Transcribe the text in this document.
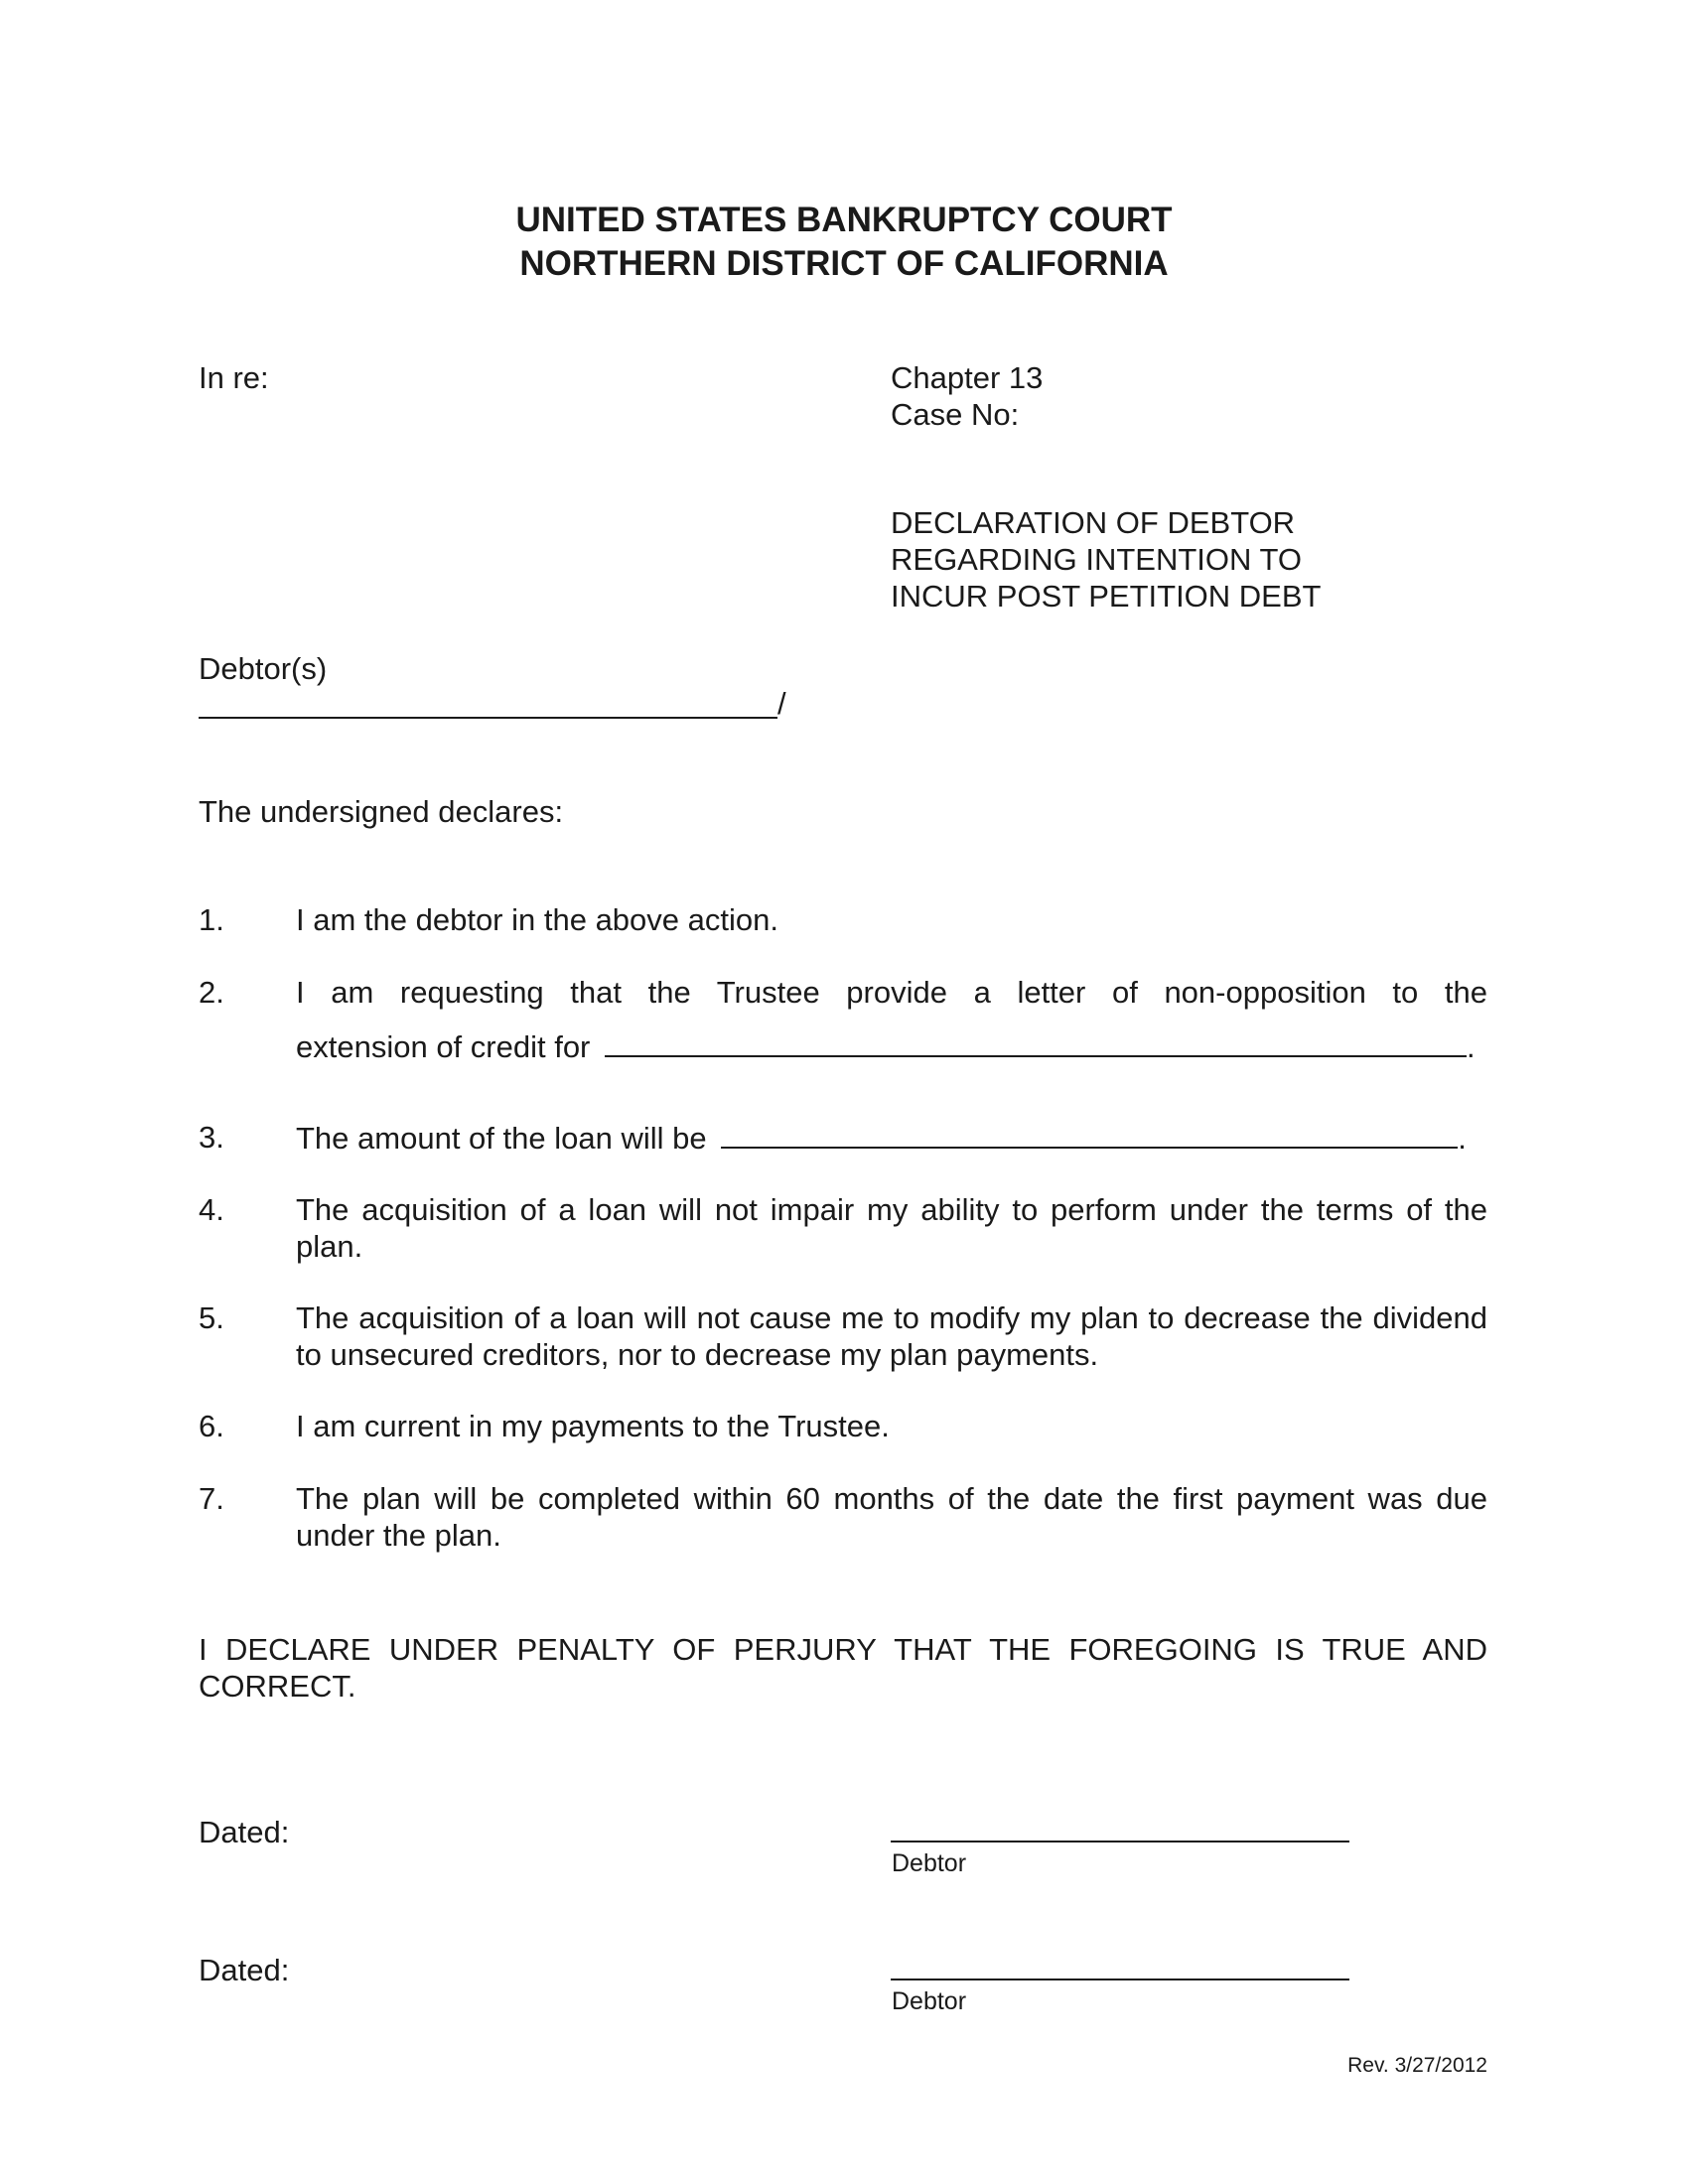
UNITED STATES BANKRUPTCY COURT
NORTHERN DISTRICT OF CALIFORNIA
In re:
Debtor(s)
/
Chapter 13
Case No:
DECLARATION OF DEBTOR
REGARDING INTENTION TO
INCUR POST PETITION DEBT
The undersigned declares:
1. I am the debtor in the above action.
2. I am requesting that the Trustee provide a letter of non-opposition to the
extension of credit for	.
3. The amount of the loan will be	.
4. The acquisition of a loan will not impair my ability to perform under the terms of the plan.
5. The acquisition of a loan will not cause me to modify my plan to decrease the dividend to unsecured creditors, nor to decrease my plan payments.
6. I am current in my payments to the Trustee.
7. The plan will be completed within 60 months of the date the first payment was due under the plan.
I DECLARE UNDER PENALTY OF PERJURY THAT THE FOREGOING IS TRUE AND CORRECT.
Dated:
Debtor
Dated:
Debtor
Rev. 3/27/2012
